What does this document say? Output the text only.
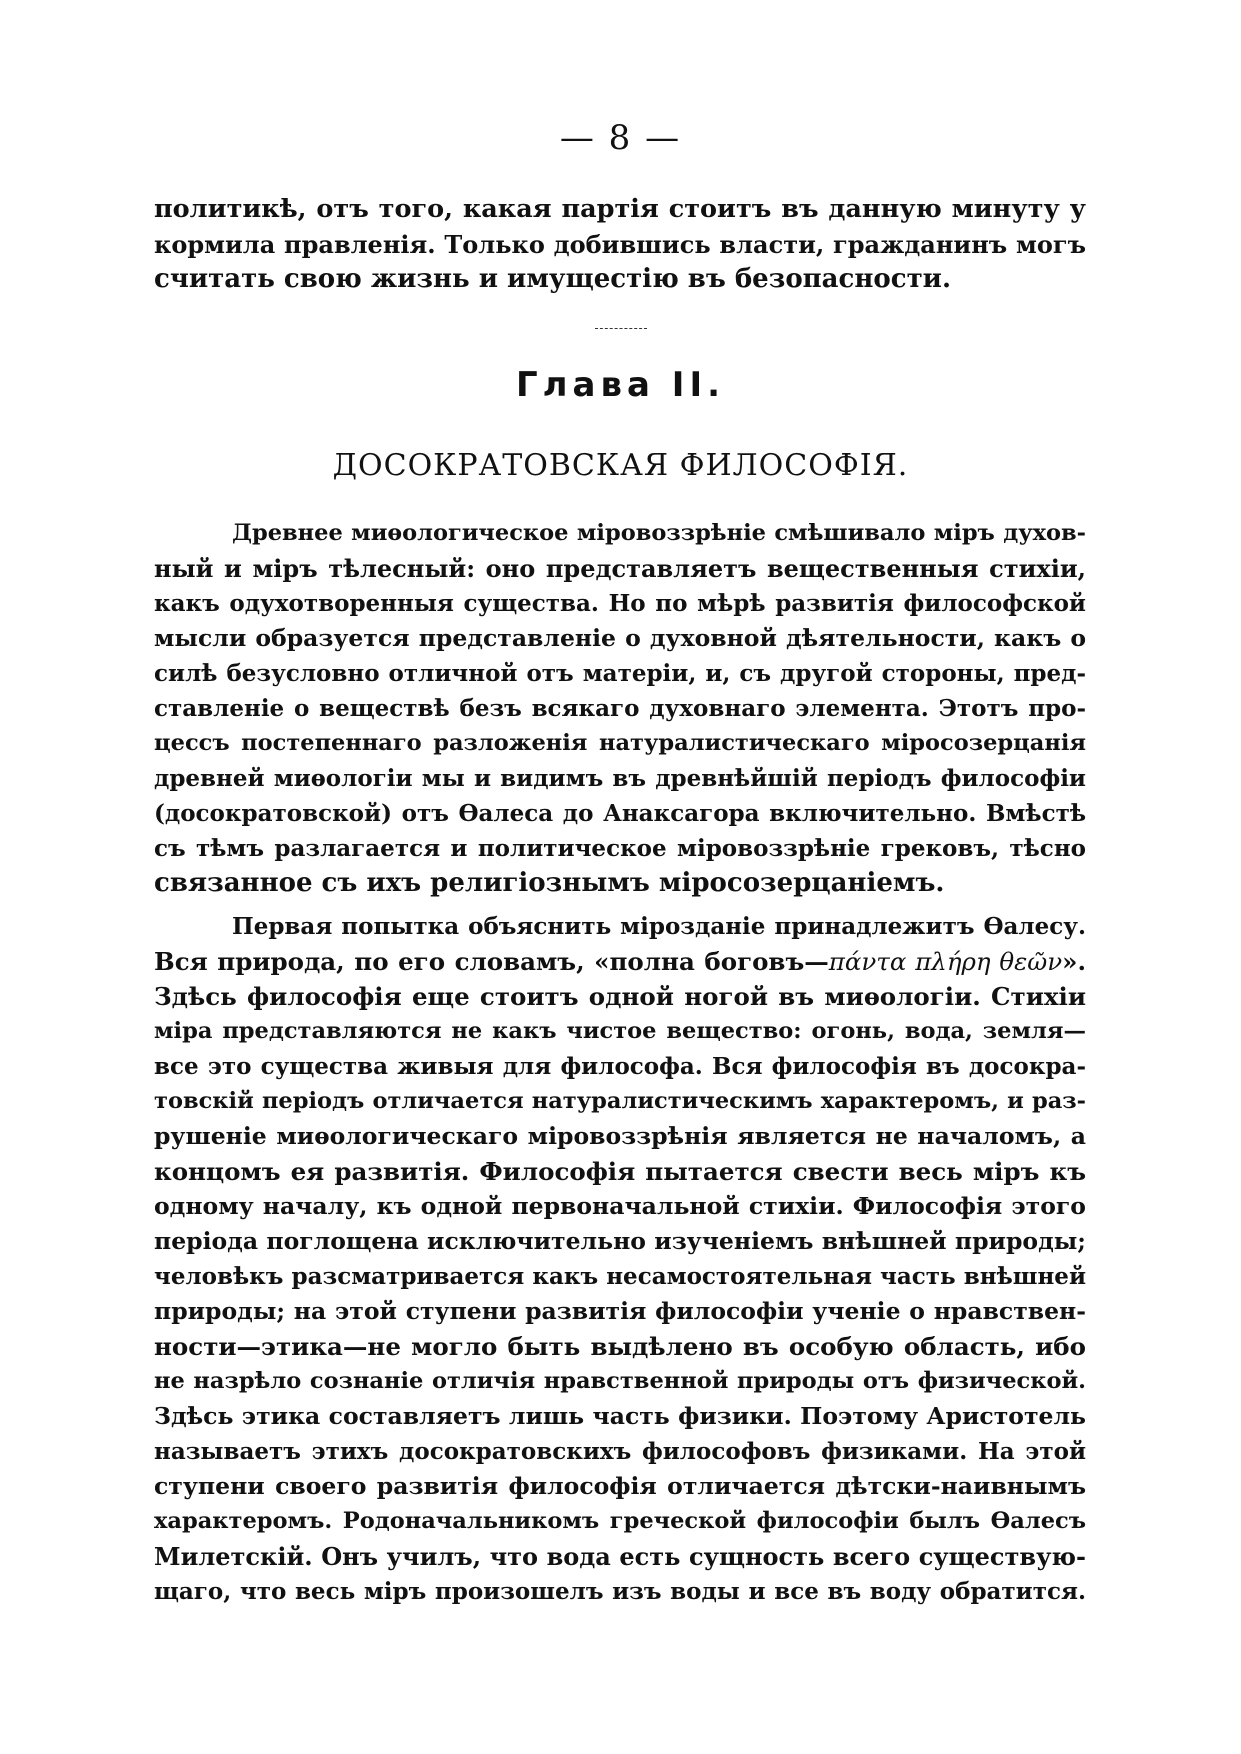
— 8 —
политикѣ, отъ того, какая партія стоитъ въ данную минуту у
кормила правленія. Только добившись власти, гражданинъ могъ
считать свою жизнь и имущестію въ безопасности.
Глава II.
ДОСОКРАТОВСКАЯ ФИЛОСОФІЯ.
Древнее миѳологическое міровоззрѣніе смѣшивало міръ духов-
ный и міръ тѣлесный: оно представляетъ вещественныя стихіи,
какъ одухотворенныя существа. Но по мѣрѣ развитія философской
мысли образуется представленіе о духовной дѣятельности, какъ о
силѣ безусловно отличной отъ матеріи, и, съ другой стороны, пред-
ставленіе о веществѣ безъ всякаго духовнаго элемента. Этотъ про-
цессъ постепеннаго разложенія натуралистическаго міросозерцанія
древней миѳологіи мы и видимъ въ древнѣйшій періодъ философіи
(досократовской) отъ Ѳалеса до Анаксагора включительно. Вмѣстѣ
съ тѣмъ разлагается и политическое міровоззрѣніе грековъ, тѣсно
связанное съ ихъ религіознымъ міросозерцаніемъ.
Первая попытка объяснить мірозданіе принадлежитъ Ѳалесу.
Вся природа, по его словамъ, «полна боговъ—πάντα πλήρη θεῶν».
Здѣсь философія еще стоитъ одной ногой въ миѳологіи. Стихіи
міра представляются не какъ чистое вещество: огонь, вода, земля—
все это существа живыя для философа. Вся философія въ досокра-
товскій періодъ отличается натуралистическимъ характеромъ, и раз-
рушеніе миѳологическаго міровоззрѣнія является не началомъ, а
концомъ ея развитія. Философія пытается свести весь міръ къ
одному началу, къ одной первоначальной стихіи. Философія этого
періода поглощена исключительно изученіемъ внѣшней природы;
человѣкъ разсматривается какъ несамостоятельная часть внѣшней
природы; на этой ступени развитія философіи ученіе о нравствен-
ности—этика—не могло быть выдѣлено въ особую область, ибо
не назрѣло сознаніе отличія нравственной природы отъ физической.
Здѣсь этика составляетъ лишь часть физики. Поэтому Аристотель
называетъ этихъ досократовскихъ философовъ физиками. На этой
ступени своего развитія философія отличается дѣтски-наивнымъ
характеромъ. Родоначальникомъ греческой философіи былъ Ѳалесъ
Милетскій. Онъ училъ, что вода есть сущность всего существую-
щаго, что весь міръ произошелъ изъ воды и все въ воду обратится.
